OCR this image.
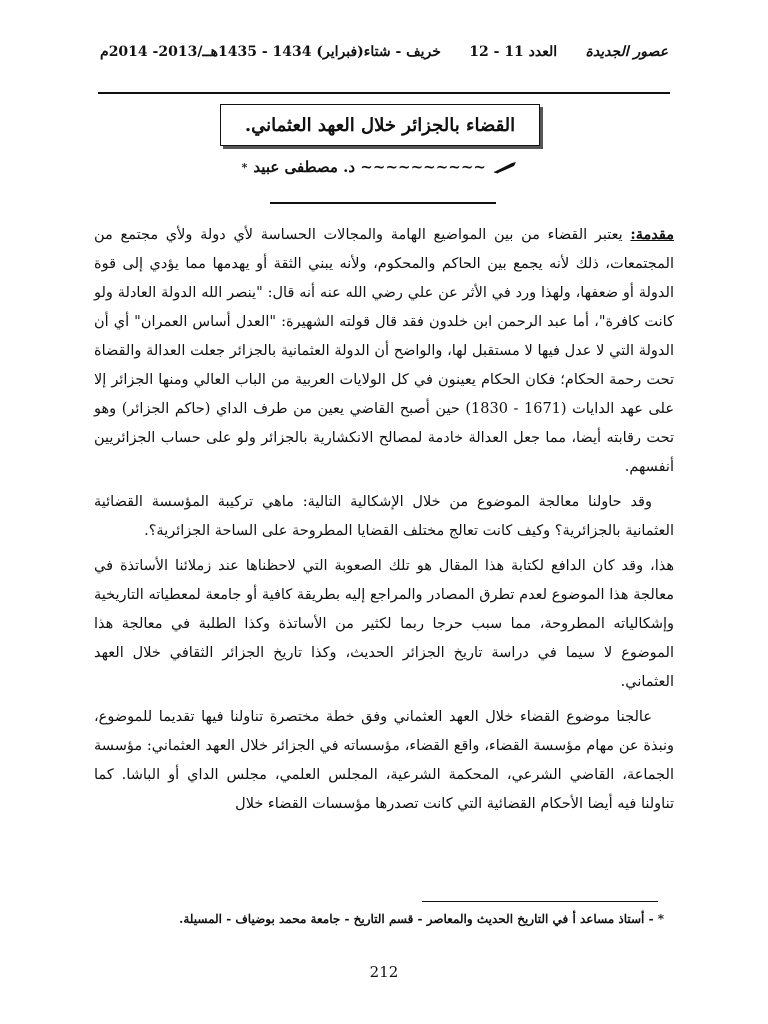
عصور الجديدة
العدد 11 - 12
خريف - شتاء(فبراير) 1434 - 1435هــ/2013- 2014م
القضاء بالجزائر خلال العهد العثماني.
~~~~~~~~~~ د. مصطفى عبيد
*

مقدمة: يعتبر القضاء من بين المواضيع الهامة والمجالات الحساسة لأي دولة ولأي مجتمع من المجتمعات، ذلك لأنه يجمع بين الحاكم والمحكوم، ولأنه يبني الثقة أو يهدمها مما يؤدي إلى قوة الدولة أو ضعفها، ولهذا ورد في الأثر عن علي رضي الله عنه أنه قال: "ينصر الله الدولة العادلة ولو كانت كافرة"، أما عبد الرحمن ابن خلدون فقد قال قولته الشهيرة: "العدل أساس العمران" أي أن الدولة التي لا عدل فيها لا مستقبل لها، والواضح أن الدولة العثمانية بالجزائر جعلت العدالة والقضاة تحت رحمة الحكام؛ فكان الحكام يعينون في كل الولايات العربية من الباب العالي ومنها الجزائر إلا على عهد الدايات (1671 - 1830) حين أصبح القاضي يعين من طرف الداي (حاكم الجزائر) وهو تحت رقابته أيضا، مما جعل العدالة خادمة لمصالح الانكشارية بالجزائر ولو على حساب الجزائريين أنفسهم.

وقد حاولنا معالجة الموضوع من خلال الإشكالية التالية: ماهي تركيبة المؤسسة القضائية العثمانية بالجزائرية؟ وكيف كانت تعالج مختلف القضايا المطروحة على الساحة الجزائرية؟.

هذا، وقد كان الدافع لكتابة هذا المقال هو تلك الصعوبة التي لاحظناها عند زملائنا الأساتذة في معالجة هذا الموضوع لعدم تطرق المصادر والمراجع إليه بطريقة كافية أو جامعة لمعطياته التاريخية وإشكالياته المطروحة، مما سبب حرجا ربما لكثير من الأساتذة وكذا الطلبة في معالجة هذا الموضوع لا سيما في دراسة تاريخ الجزائر الحديث، وكذا تاريخ الجزائر الثقافي خلال العهد العثماني.

عالجنا موضوع القضاء خلال العهد العثماني وفق خطة مختصرة تناولنا فيها تقديما للموضوع، ونبذة عن مهام مؤسسة القضاء، واقع القضاء، مؤسساته في الجزائر خلال العهد العثماني: مؤسسة الجماعة، القاضي الشرعي، المحكمة الشرعية، المجلس العلمي، مجلس الداي أو الباشا. كما تناولنا فيه أيضا الأحكام القضائية التي كانت تصدرها مؤسسات القضاء خلال

* - أستاذ مساعد أ في التاريخ الحديث والمعاصر - قسم التاريخ - جامعة محمد بوضياف - المسيلة.
212
